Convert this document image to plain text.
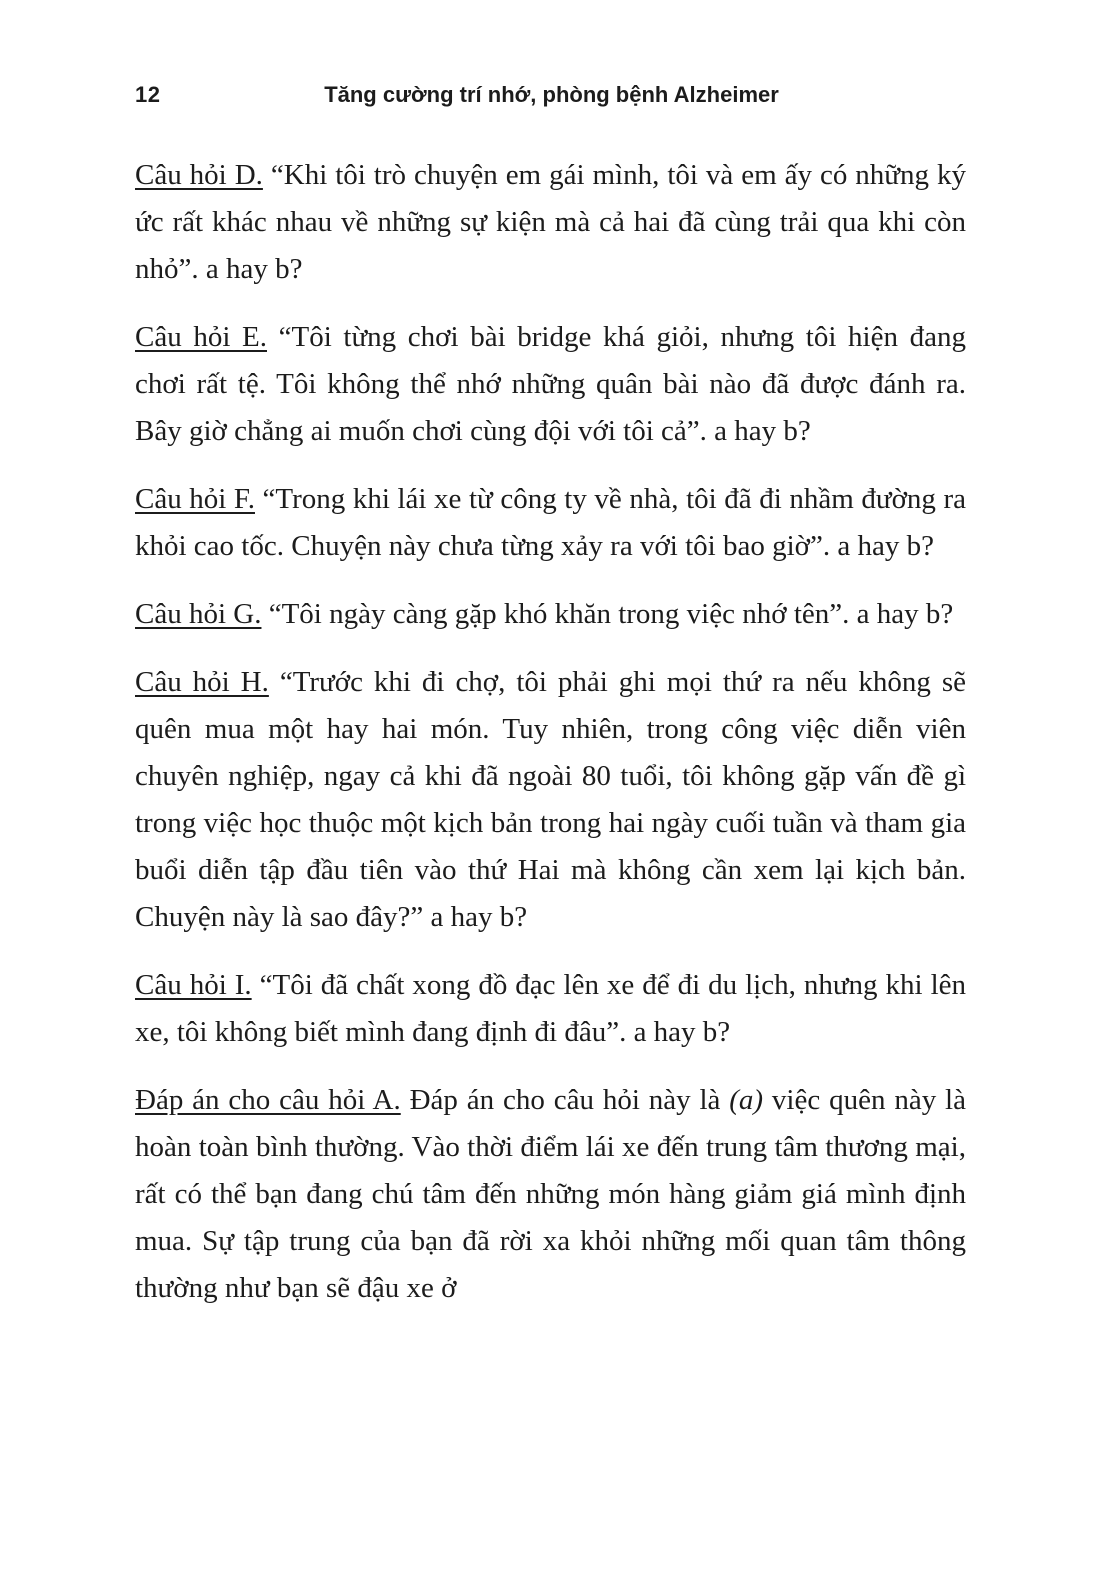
12	Tăng cường trí nhớ, phòng bệnh Alzheimer

Câu hỏi D. “Khi tôi trò chuyện em gái mình, tôi và em ấy có những ký ức rất khác nhau về những sự kiện mà cả hai đã cùng trải qua khi còn nhỏ”. a hay b?

Câu hỏi E. “Tôi từng chơi bài bridge khá giỏi, nhưng tôi hiện đang chơi rất tệ. Tôi không thể nhớ những quân bài nào đã được đánh ra. Bây giờ chẳng ai muốn chơi cùng đội với tôi cả”. a hay b?

Câu hỏi F. “Trong khi lái xe từ công ty về nhà, tôi đã đi nhầm đường ra khỏi cao tốc. Chuyện này chưa từng xảy ra với tôi bao giờ”. a hay b?

Câu hỏi G. “Tôi ngày càng gặp khó khăn trong việc nhớ tên”. a hay b?

Câu hỏi H. “Trước khi đi chợ, tôi phải ghi mọi thứ ra nếu không sẽ quên mua một hay hai món. Tuy nhiên, trong công việc diễn viên chuyên nghiệp, ngay cả khi đã ngoài 80 tuổi, tôi không gặp vấn đề gì trong việc học thuộc một kịch bản trong hai ngày cuối tuần và tham gia buổi diễn tập đầu tiên vào thứ Hai mà không cần xem lại kịch bản. Chuyện này là sao đây?” a hay b?

Câu hỏi I. “Tôi đã chất xong đồ đạc lên xe để đi du lịch, nhưng khi lên xe, tôi không biết mình đang định đi đâu”. a hay b?

Đáp án cho câu hỏi A. Đáp án cho câu hỏi này là (a) việc quên này là hoàn toàn bình thường. Vào thời điểm lái xe đến trung tâm thương mại, rất có thể bạn đang chú tâm đến những món hàng giảm giá mình định mua. Sự tập trung của bạn đã rời xa khỏi những mối quan tâm thông thường như bạn sẽ đậu xe ở
